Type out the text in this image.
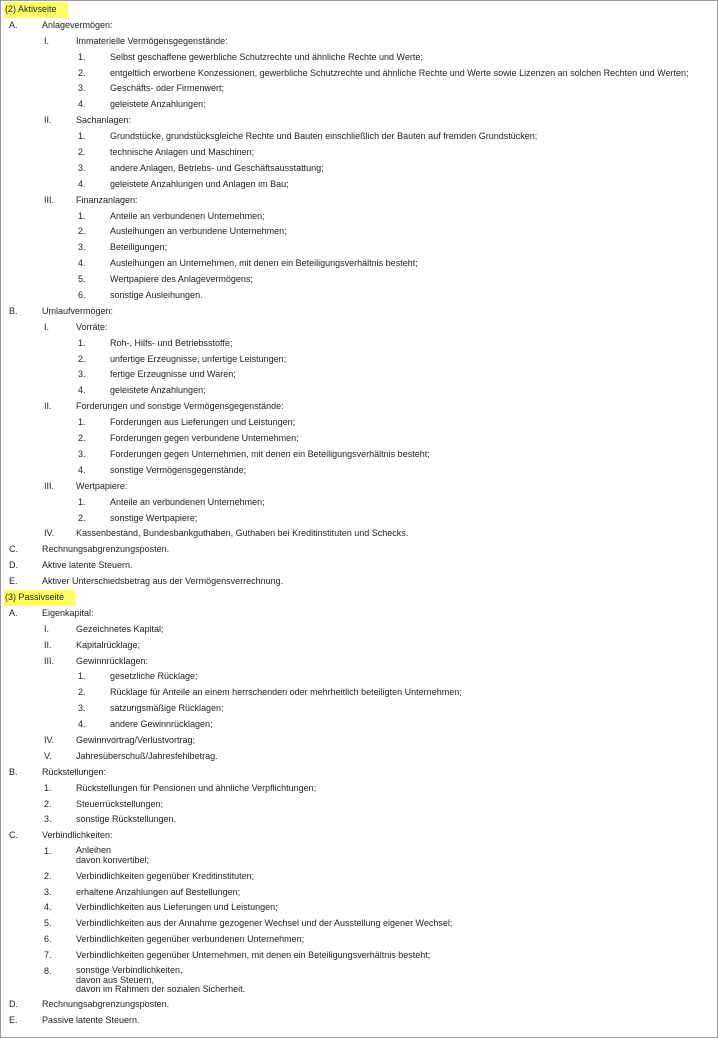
(2) Aktivseite
A.	Anlagevermögen:
I.	Immaterielle Vermögensgegenstände:
1.	Selbst geschaffene gewerbliche Schutzrechte und ähnliche Rechte und Werte;
2.	entgeltlich erworbene Konzessionen, gewerbliche Schutzrechte und ähnliche Rechte und Werte sowie Lizenzen an solchen Rechten und Werten;
3.	Geschäfts- oder Firmenwert;
4.	geleistete Anzahlungen;
II.	Sachanlagen:
1.	Grundstücke, grundstücksgleiche Rechte und Bauten einschließlich der Bauten auf fremden Grundstücken;
2.	technische Anlagen und Maschinen;
3.	andere Anlagen, Betriebs- und Geschäftsausstattung;
4.	geleistete Anzahlungen und Anlagen im Bau;
III. Finanzanlagen:
1.	Anteile an verbundenen Unternehmen;
2.	Ausleihungen an verbundene Unternehmen;
3.	Beteiligungen;
4.	Ausleihungen an Unternehmen, mit denen ein Beteiligungsverhältnis besteht;
5.	Wertpapiere des Anlagevermögens;
6.	sonstige Ausleihungen.
B.	Umlaufvermögen:
I.	Vorräte:
1.	Roh-, Hilfs- und Betriebsstoffe;
2.	unfertige Erzeugnisse, unfertige Leistungen;
3.	fertige Erzeugnisse und Waren;
4.	geleistete Anzahlungen;
II.	Forderungen und sonstige Vermögensgegenstände:
1.	Forderungen aus Lieferungen und Leistungen;
2.	Forderungen gegen verbundene Unternehmen;
3.	Forderungen gegen Unternehmen, mit denen ein Beteiligungsverhältnis besteht;
4.	sonstige Vermögensgegenstände;
III. Wertpapiere:
1.	Anteile an verbundenen Unternehmen;
2.	sonstige Wertpapiere;
IV. Kassenbestand, Bundesbankguthaben, Guthaben bei Kreditinstituten und Schecks.
C.	Rechnungsabgrenzungsposten.
D.	Aktive latente Steuern.
E.	Aktiver Unterschiedsbetrag aus der Vermögensverrechnung.
(3) Passivseite
A.	Eigenkapital:
I.	Gezeichnetes Kapital;
II.	Kapitalrücklage;
III. Gewinnrücklagen:
1.	gesetzliche Rücklage;
2.	Rücklage für Anteile an einem herrschenden oder mehrheitlich beteiligten Unternehmen;
3.	satzungsmäßige Rücklagen;
4.	andere Gewinnrücklagen;
IV. Gewinnvortrag/Verlustvortrag;
V.	Jahresüberschuß/Jahresfehlbetrag.
B.	Rückstellungen:
1.	Rückstellungen für Pensionen und ähnliche Verpflichtungen;
2.	Steuerrückstellungen;
3.	sonstige Rückstellungen.
C.	Verbindlichkeiten:
1.	Anleihen
davon konvertibel;
2.	Verbindlichkeiten gegenüber Kreditinstituten;
3.	erhaltene Anzahlungen auf Bestellungen;
4.	Verbindlichkeiten aus Lieferungen und Leistungen;
5.	Verbindlichkeiten aus der Annahme gezogener Wechsel und der Ausstellung eigener Wechsel;
6.	Verbindlichkeiten gegenüber verbundenen Unternehmen;
7.	Verbindlichkeiten gegenüber Unternehmen, mit denen ein Beteiligungsverhältnis besteht;
8.	sonstige Verbindlichkeiten,
davon aus Steuern,
davon im Rahmen der sozialen Sicherheit.
D.	Rechnungsabgrenzungsposten.
E.	Passive latente Steuern.
